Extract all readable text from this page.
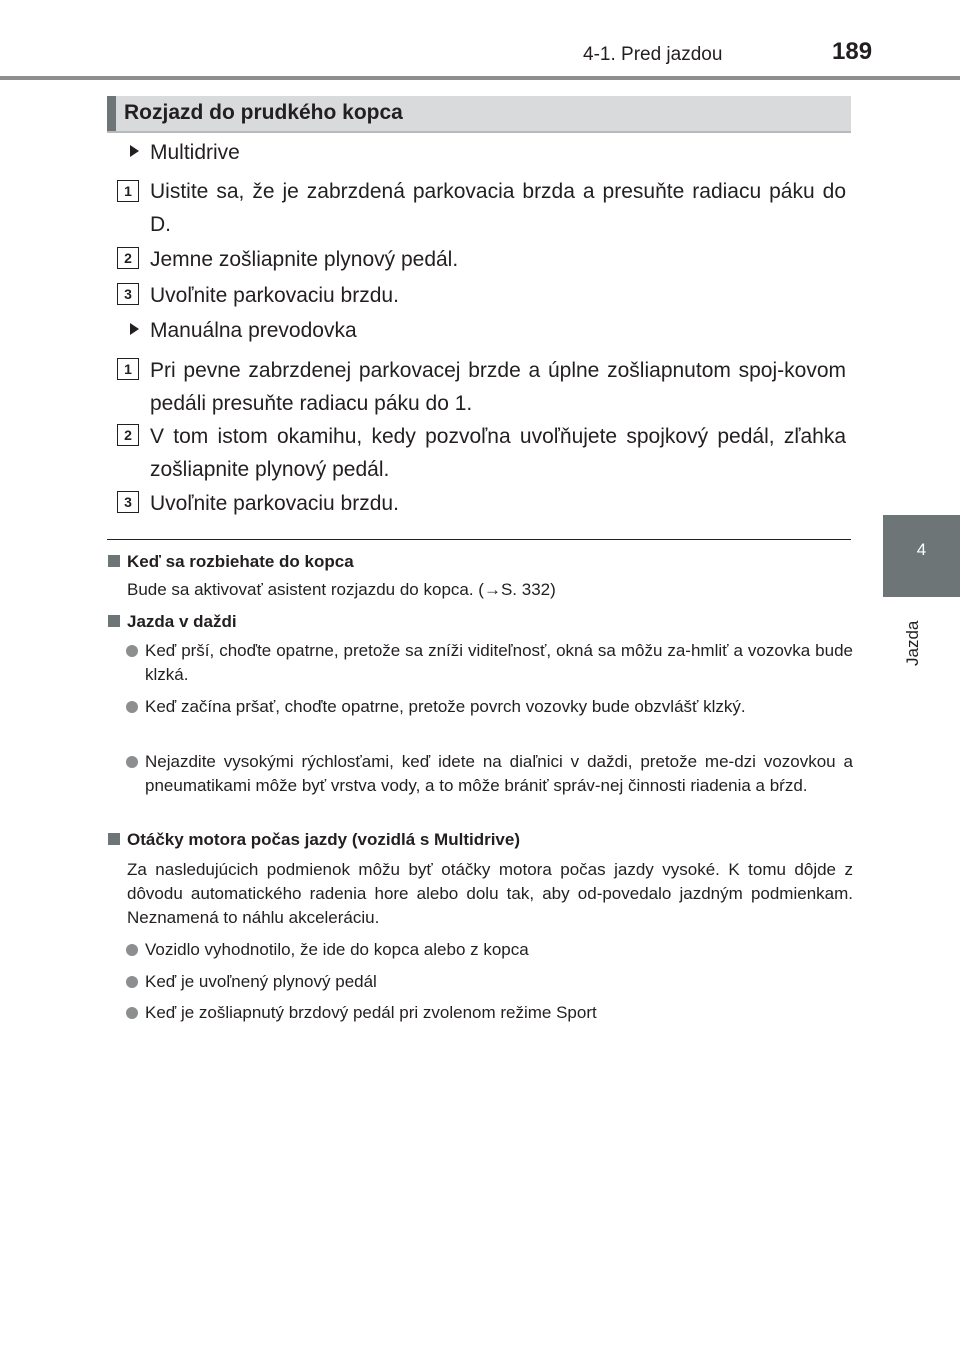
4-1. Pred jazdou	189
4
Jazda
Rozjazd do prudkého kopca
Multidrive
1 Uistite sa, že je zabrzdená parkovacia brzda a presuňte radiacu páku do D.
2 Jemne zošliapnite plynový pedál.
3 Uvoľnite parkovaciu brzdu.
Manuálna prevodovka
1 Pri pevne zabrzdenej parkovacej brzde a úplne zošliapnutom spoj-kovom pedáli presuňte radiacu páku do 1.
2 V tom istom okamihu, kedy pozvoľna uvoľňujete spojkový pedál, zľahka zošliapnite plynový pedál.
3 Uvoľnite parkovaciu brzdu.
Keď sa rozbiehate do kopca
Bude sa aktivovať asistent rozjazdu do kopca. (→S. 332)
Jazda v daždi
Keď prší, choďte opatrne, pretože sa zníži viditeľnosť, okná sa môžu za-hmliť a vozovka bude klzká.
Keď začína pršať, choďte opatrne, pretože povrch vozovky bude obzvlášť klzký.
Nejazdite vysokými rýchlosťami, keď idete na diaľnici v daždi, pretože me-dzi vozovkou a pneumatikami môže byť vrstva vody, a to môže brániť správ-nej činnosti riadenia a bŕzd.
Otáčky motora počas jazdy (vozidlá s Multidrive)
Za nasledujúcich podmienok môžu byť otáčky motora počas jazdy vysoké. K tomu dôjde z dôvodu automatického radenia hore alebo dolu tak, aby od-povedalo jazdným podmienkam. Neznamená to náhlu akceleráciu.
Vozidlo vyhodnotilo, že ide do kopca alebo z kopca
Keď je uvoľnený plynový pedál
Keď je zošliapnutý brzdový pedál pri zvolenom režime Sport
